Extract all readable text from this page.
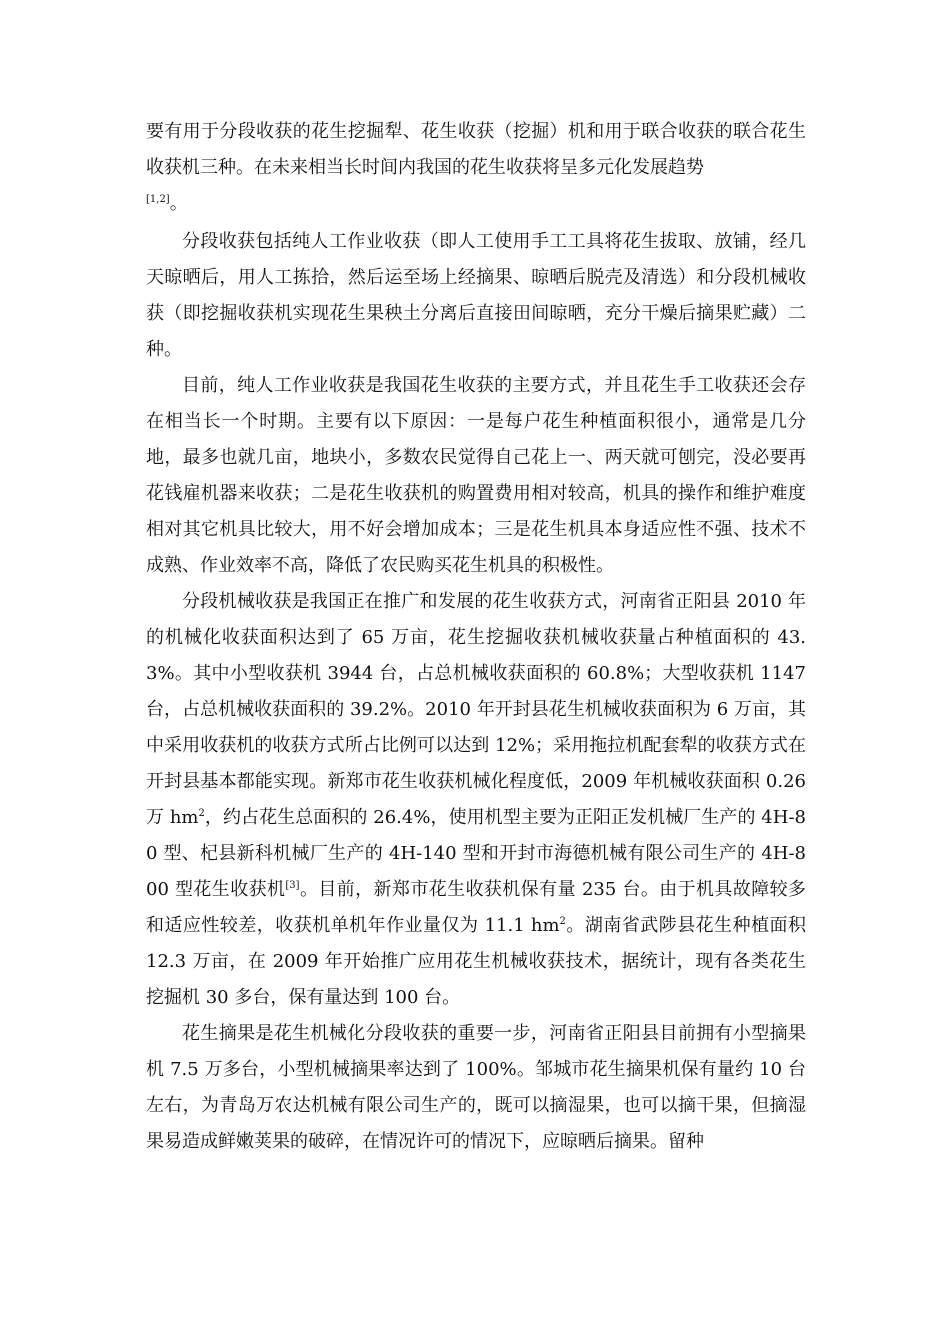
要有用于分段收获的花生挖掘犁、花生收获（挖掘）机和用于联合收获的联合花生收获机三种。在未来相当长时间内我国的花生收获将呈多元化发展趋势
[1,2]。

分段收获包括纯人工作业收获（即人工使用手工工具将花生拔取、放铺，经几天晾晒后，用人工拣拾，然后运至场上经摘果、晾晒后脱壳及清选）和分段机械收获（即挖掘收获机实现花生果秧土分离后直接田间晾晒，充分干燥后摘果贮藏）二种。

目前，纯人工作业收获是我国花生收获的主要方式，并且花生手工收获还会存在相当长一个时期。主要有以下原因：一是每户花生种植面积很小，通常是几分地，最多也就几亩，地块小，多数农民觉得自己花上一、两天就可刨完，没必要再花钱雇机器来收获；二是花生收获机的购置费用相对较高，机具的操作和维护难度相对其它机具比较大，用不好会增加成本；三是花生机具本身适应性不强、技术不成熟、作业效率不高，降低了农民购买花生机具的积极性。

分段机械收获是我国正在推广和发展的花生收获方式，河南省正阳县 2010 年的机械化收获面积达到了 65 万亩，花生挖掘收获机械收获量占种植面积的 43.3%。其中小型收获机 3944 台，占总机械收获面积的 60.8%；大型收获机 1147 台，占总机械收获面积的 39.2%。2010 年开封县花生机械收获面积为 6 万亩，其中采用收获机的收获方式所占比例可以达到 12%；采用拖拉机配套犁的收获方式在开封县基本都能实现。新郑市花生收获机械化程度低，2009 年机械收获面积 0.26 万 $hm^2$，约占花生总面积的 26.4%，使用机型主要为正阳正发机械厂生产的 4H-80 型、杞县新科机械厂生产的 4H-140 型和开封市海德机械有限公司生产的 4H-800 型花生收获机[3]。目前，新郑市花生收获机保有量 235 台。由于机具故障较多和适应性较差，收获机单机年作业量仅为 11.1 $hm^2$。湖南省武陟县花生种植面积 12.3 万亩，在 2009 年开始推广应用花生机械收获技术，据统计，现有各类花生挖掘机 30 多台，保有量达到 100 台。

花生摘果是花生机械化分段收获的重要一步，河南省正阳县目前拥有小型摘果机 7.5 万多台，小型机械摘果率达到了 100%。邹城市花生摘果机保有量约 10 台左右，为青岛万农达机械有限公司生产的，既可以摘湿果，也可以摘干果，但摘湿果易造成鲜嫩荚果的破碎，在情况许可的情况下，应晾晒后摘果。留种
